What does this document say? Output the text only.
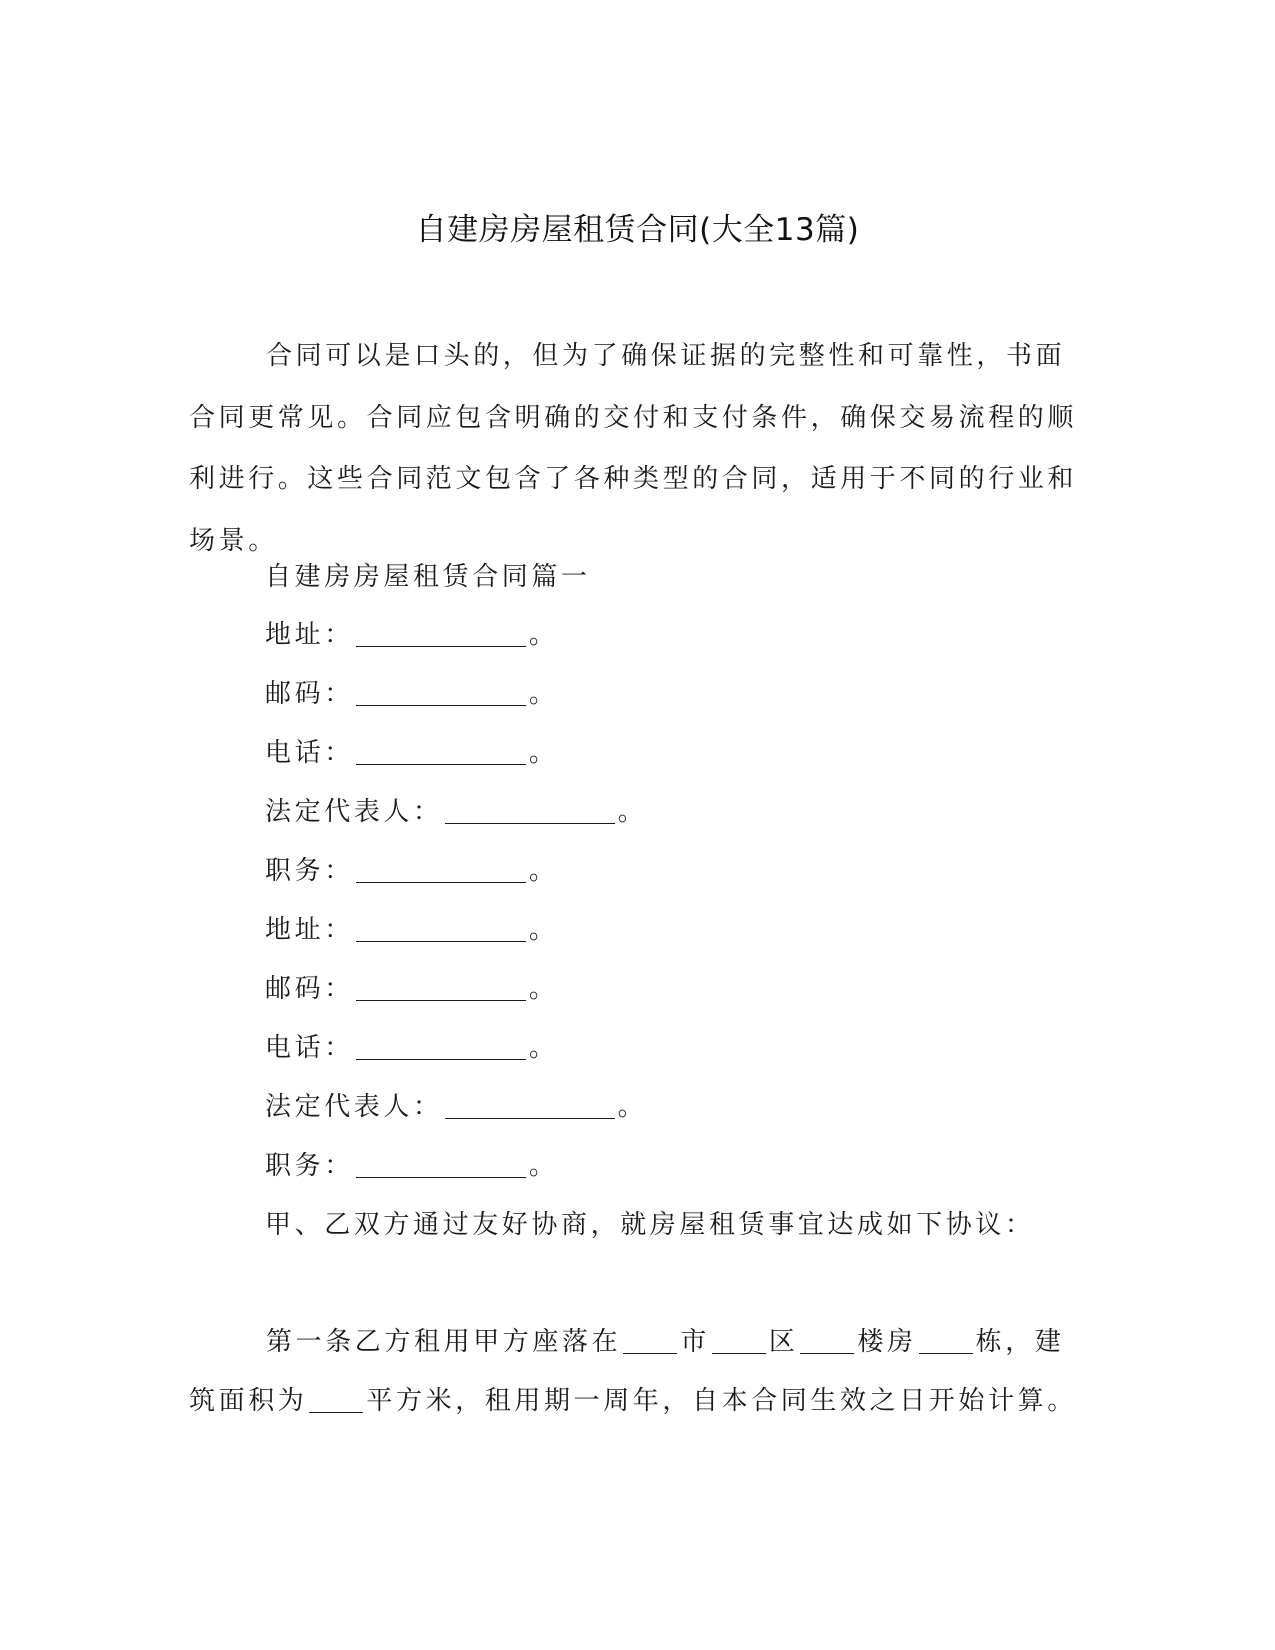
自建房房屋租赁合同(大全13篇)

合同可以是口头的，但为了确保证据的完整性和可靠性，书面合同更常见。合同应包含明确的交付和支付条件，确保交易流程的顺利进行。这些合同范文包含了各种类型的合同，适用于不同的行业和场景。

自建房房屋租赁合同篇一
地址：	。
邮码：	。
电话：	。
法定代表人：	。
职务：	。
地址：	。
邮码：	。
电话：	。
法定代表人：	。
职务：	。
甲、乙双方通过友好协商，就房屋租赁事宜达成如下协议：

第一条乙方租用甲方座落在 市 区 楼房 栋，建筑面积为 平方米，租用期一周年，自本合同生效之日开始计算。
